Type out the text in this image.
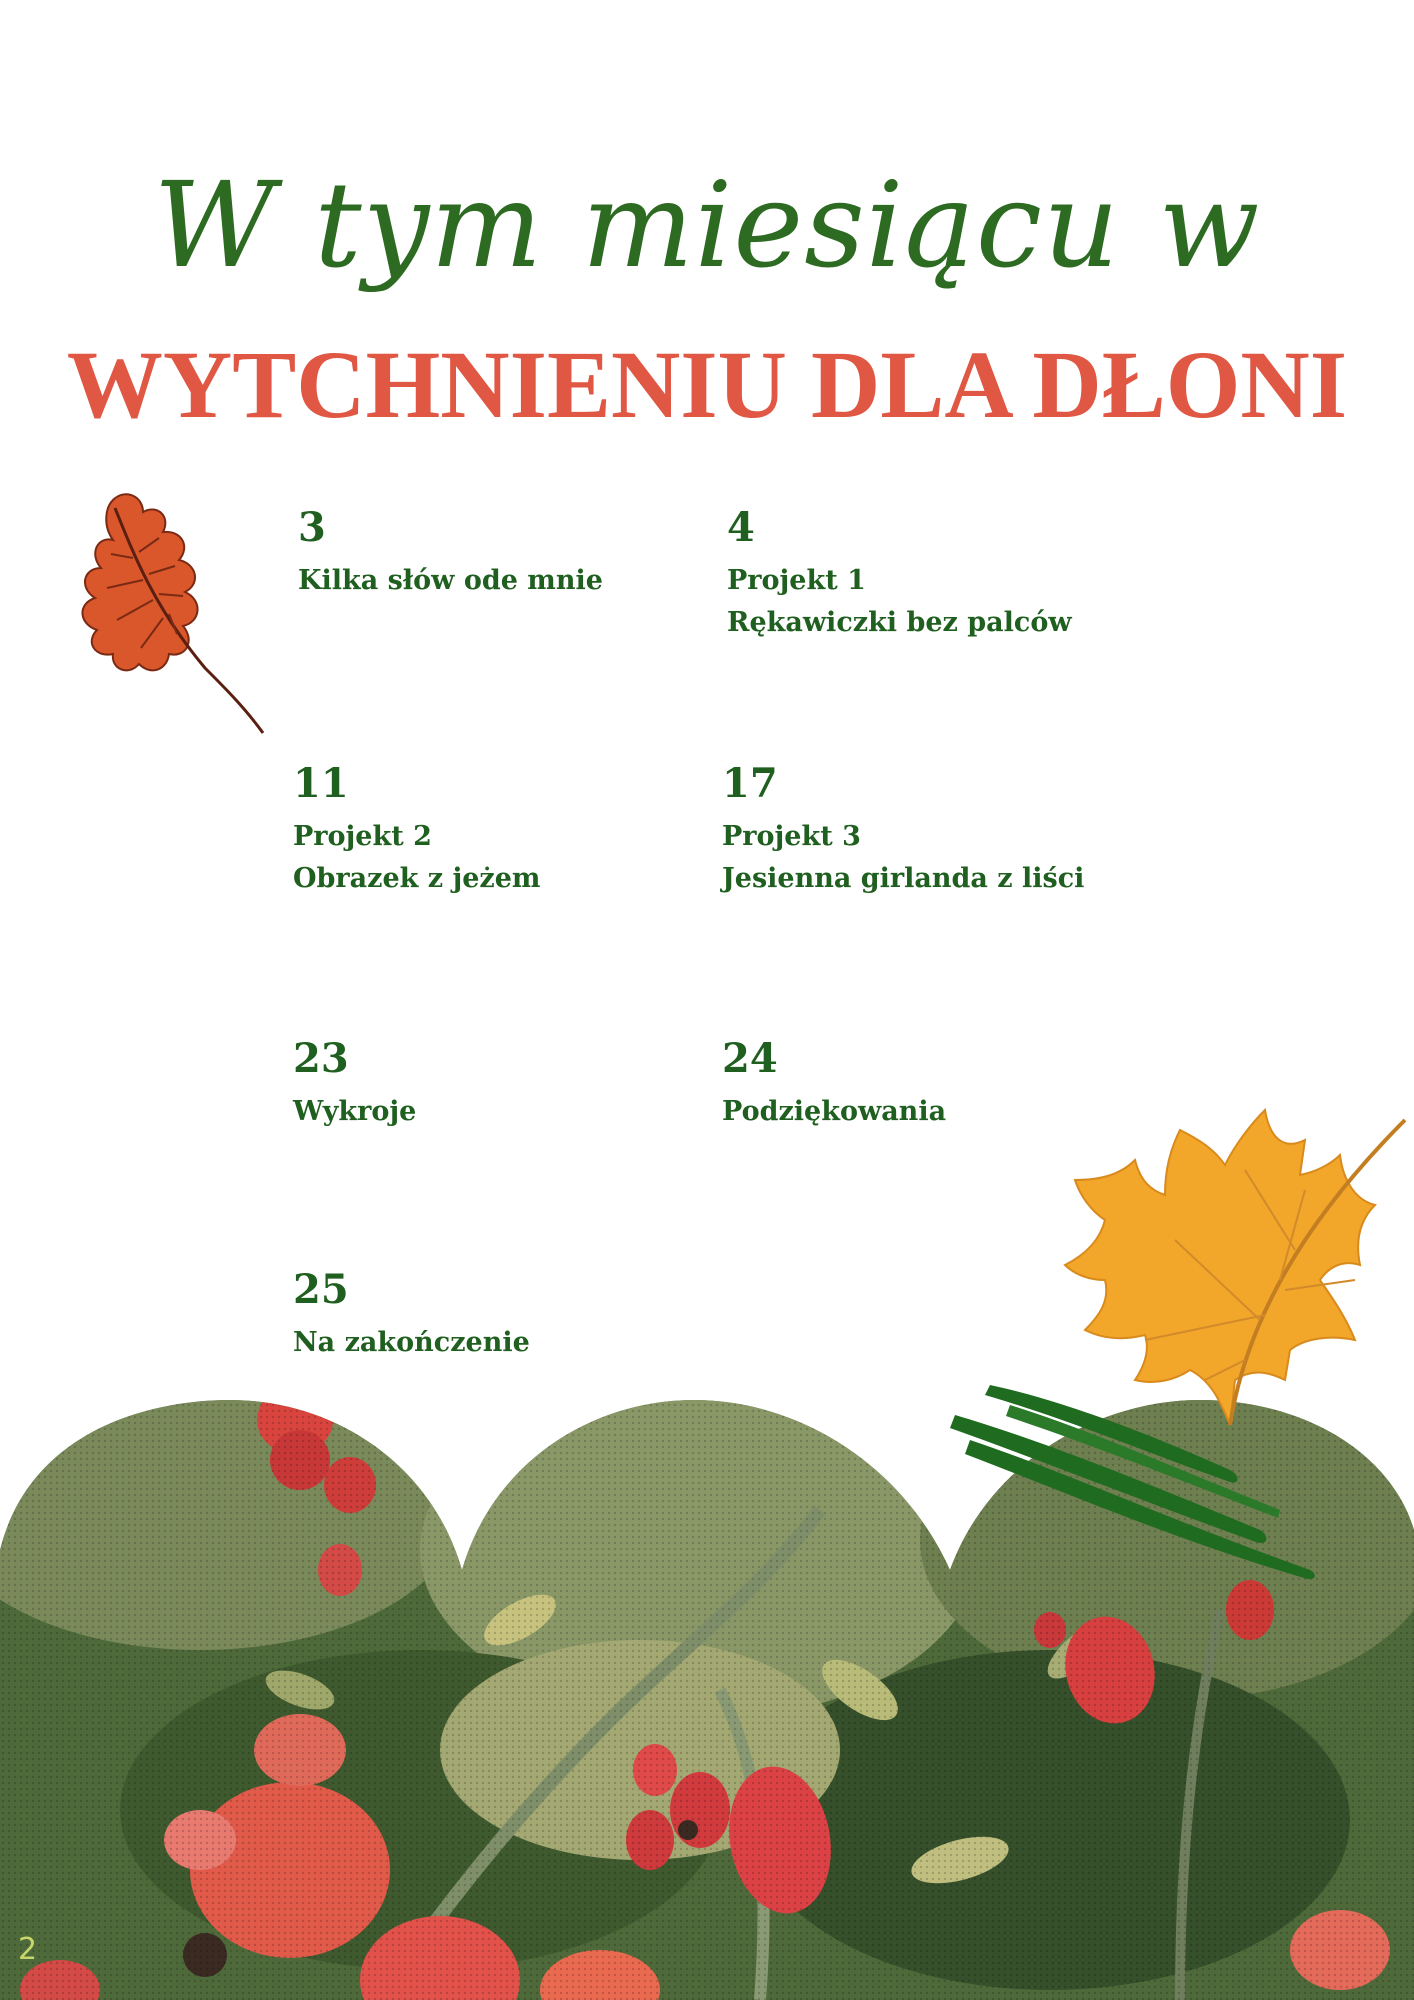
W tym miesiącu w
WYTCHNIENIU DLA DŁONI
3
Kilka słów ode mnie
4
Projekt 1
Rękawiczki bez palców
11
Projekt 2
Obrazek z jeżem
17
Projekt 3
Jesienna girlanda z liści
23
Wykroje
24
Podziękowania
25
Na zakończenie
2
